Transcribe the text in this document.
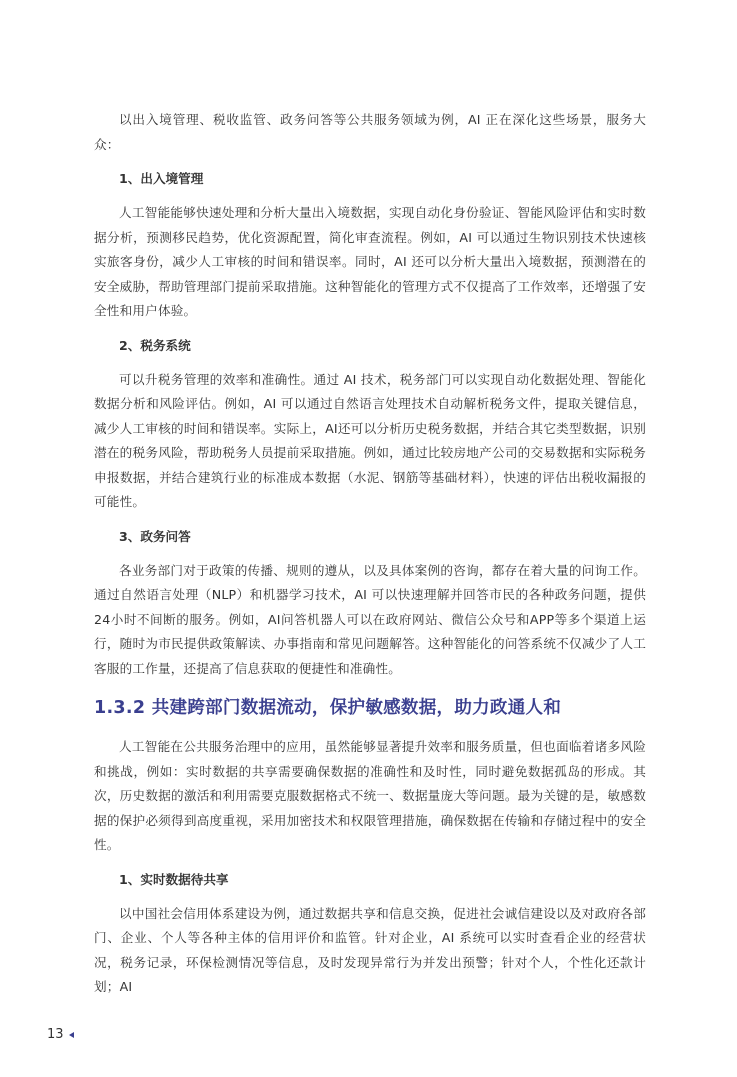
以出入境管理、税收监管、政务问答等公共服务领域为例，AI 正在深化这些场景，服务大众：

1、出入境管理

人工智能能够快速处理和分析大量出入境数据，实现自动化身份验证、智能风险评估和实时数据分析，预测移民趋势，优化资源配置，简化审查流程。例如，AI 可以通过生物识别技术快速核实旅客身份，减少人工审核的时间和错误率。同时，AI 还可以分析大量出入境数据，预测潜在的安全威胁，帮助管理部门提前采取措施。这种智能化的管理方式不仅提高了工作效率，还增强了安全性和用户体验。

2、税务系统

可以升税务管理的效率和准确性。通过 AI 技术，税务部门可以实现自动化数据处理、智能化数据分析和风险评估。例如，AI 可以通过自然语言处理技术自动解析税务文件，提取关键信息，减少人工审核的时间和错误率。实际上，AI还可以分析历史税务数据，并结合其它类型数据，识别潜在的税务风险，帮助税务人员提前采取措施。例如，通过比较房地产公司的交易数据和实际税务申报数据，并结合建筑行业的标准成本数据（水泥、钢筋等基础材料），快速的评估出税收漏报的可能性。

3、政务问答

各业务部门对于政策的传播、规则的遵从，以及具体案例的咨询，都存在着大量的问询工作。通过自然语言处理（NLP）和机器学习技术，AI 可以快速理解并回答市民的各种政务问题，提供24小时不间断的服务。例如，AI问答机器人可以在政府网站、微信公众号和APP等多个渠道上运行，随时为市民提供政策解读、办事指南和常见问题解答。这种智能化的问答系统不仅减少了人工客服的工作量，还提高了信息获取的便捷性和准确性。

1.3.2 共建跨部门数据流动，保护敏感数据，助力政通人和

人工智能在公共服务治理中的应用，虽然能够显著提升效率和服务质量，但也面临着诸多风险和挑战，例如：实时数据的共享需要确保数据的准确性和及时性，同时避免数据孤岛的形成。其次，历史数据的激活和利用需要克服数据格式不统一、数据量庞大等问题。最为关键的是，敏感数据的保护必须得到高度重视，采用加密技术和权限管理措施，确保数据在传输和存储过程中的安全性。

1、实时数据待共享

以中国社会信用体系建设为例，通过数据共享和信息交换，促进社会诚信建设以及对政府各部门、企业、个人等各种主体的信用评价和监管。针对企业，AI 系统可以实时查看企业的经营状况，税务记录，环保检测情况等信息，及时发现异常行为并发出预警；针对个人，个性化还款计划；AI

13
